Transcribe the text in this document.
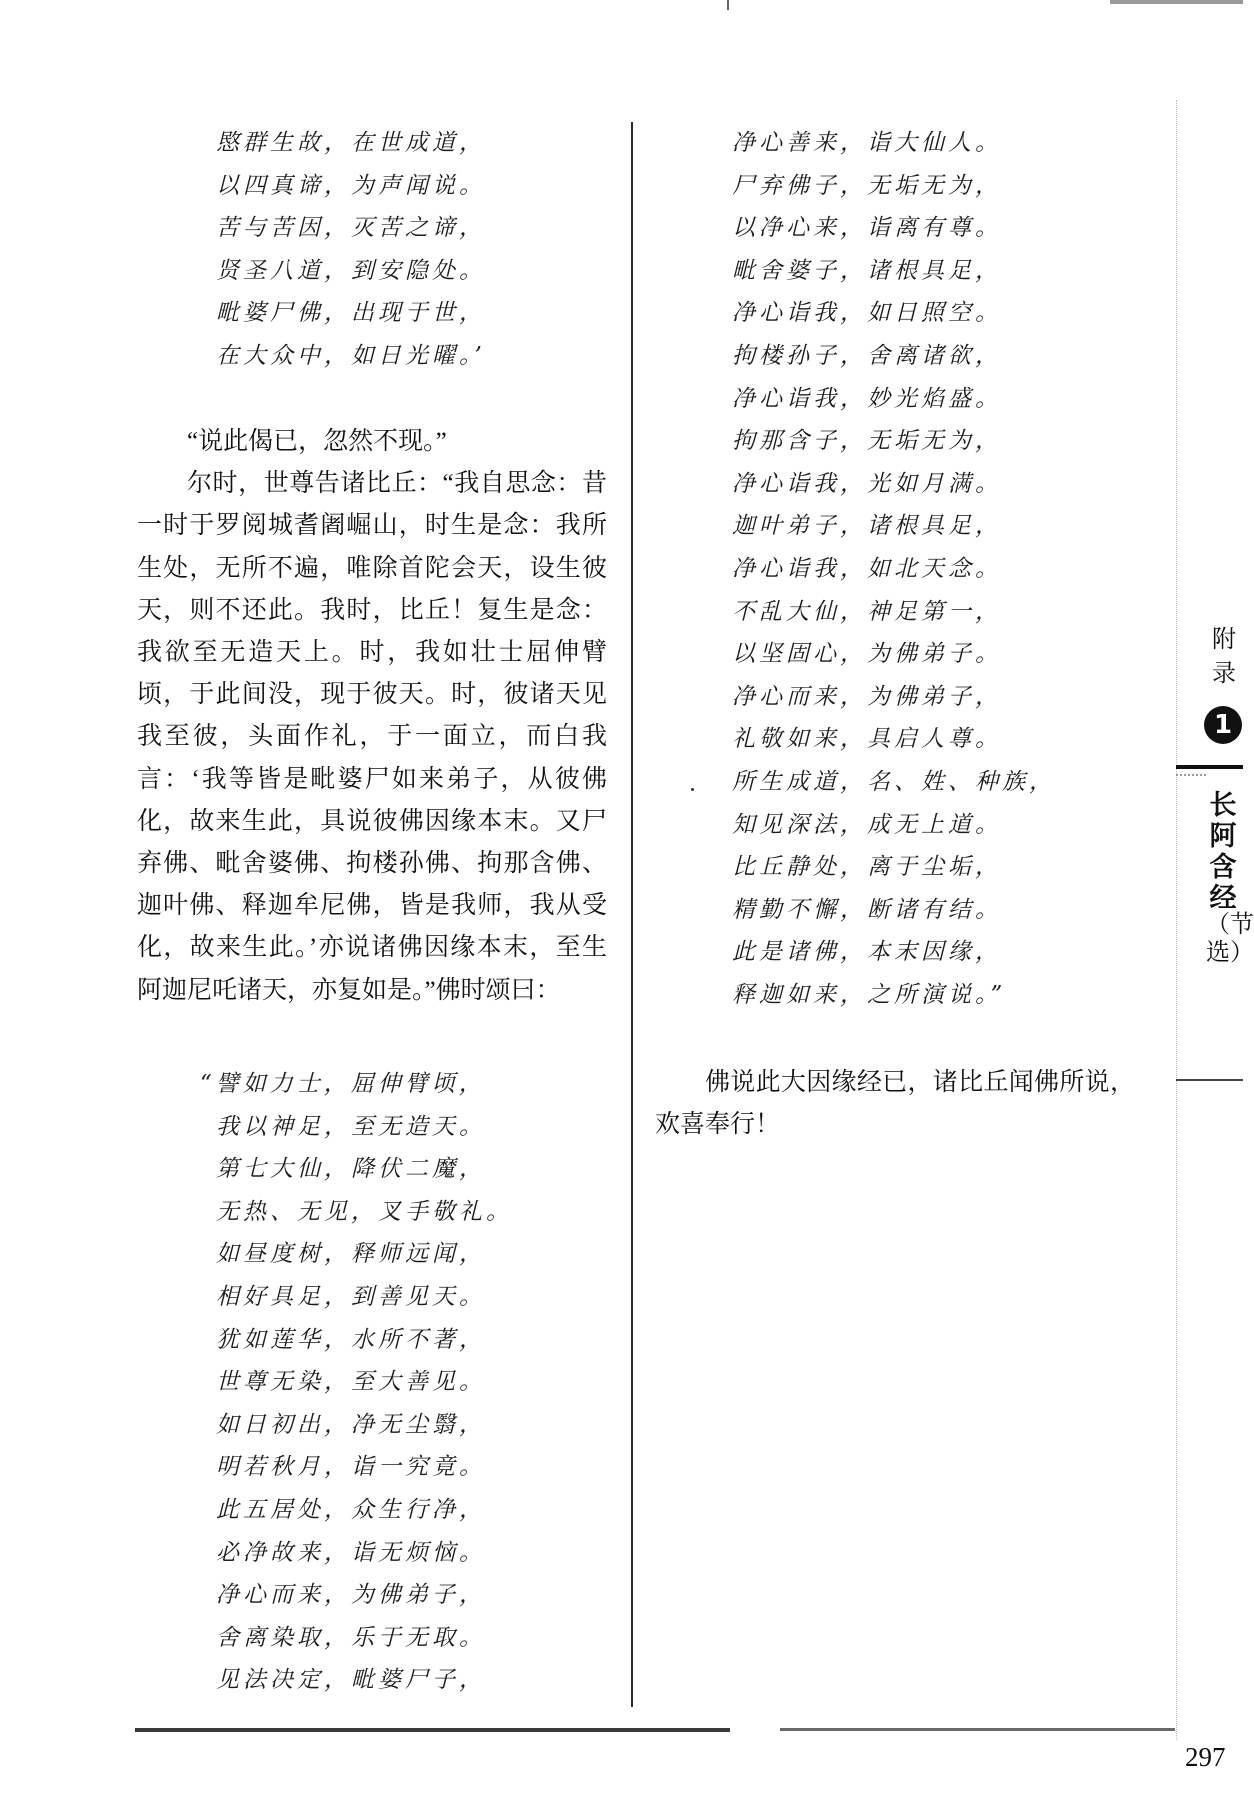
愍群生故，在世成道，
以四真谛，为声闻说。
苦与苦因，灭苦之谛，
贤圣八道，到安隐处。
毗婆尸佛，出现于世，
在大众中，如日光曜。’

“说此偈已，忽然不现。”

尔时，世尊告诸比丘：“我自思念：昔一时于罗阅城耆阇崛山，时生是念：我所生处，无所不遍，唯除首陀会天，设生彼天，则不还此。我时，比丘！复生是念：我欲至无造天上。时，我如壮士屈伸臂顷，于此间没，现于彼天。时，彼诸天见我至彼，头面作礼，于一面立，而白我言：‘我等皆是毗婆尸如来弟子，从彼佛化，故来生此，具说彼佛因缘本末。又尸弃佛、毗舍婆佛、拘楼孙佛、拘那含佛、迦叶佛、释迦牟尼佛，皆是我师，我从受化，故来生此。’亦说诸佛因缘本末，至生阿迦尼吒诸天，亦复如是。”佛时颂曰：

“譬如力士，屈伸臂顷，
我以神足，至无造天。
第七大仙，降伏二魔，
无热、无见，叉手敬礼。
如昼度树，释师远闻，
相好具足，到善见天。
犹如莲华，水所不著，
世尊无染，至大善见。
如日初出，净无尘翳，
明若秋月，诣一究竟。
此五居处，众生行净，
必净故来，诣无烦恼。
净心而来，为佛弟子，
舍离染取，乐于无取。
见法决定，毗婆尸子，
净心善来，诣大仙人。
尸弃佛子，无垢无为，
以净心来，诣离有尊。
毗舍婆子，诸根具足，
净心诣我，如日照空。
拘楼孙子，舍离诸欲，
净心诣我，妙光焰盛。
拘那含子，无垢无为，
净心诣我，光如月满。
迦叶弟子，诸根具足，
净心诣我，如北天念。
不乱大仙，神足第一，
以坚固心，为佛弟子。
净心而来，为佛弟子，
礼敬如来，具启人尊。
所生成道，名、姓、种族，
知见深法，成无上道。
比丘静处，离于尘垢，
精勤不懈，断诸有结。
此是诸佛，本末因缘，
释迦如来，之所演说。”

佛说此大因缘经已，诸比丘闻佛所说，欢喜奉行！

附录
1
长阿含经
（节选）
297
